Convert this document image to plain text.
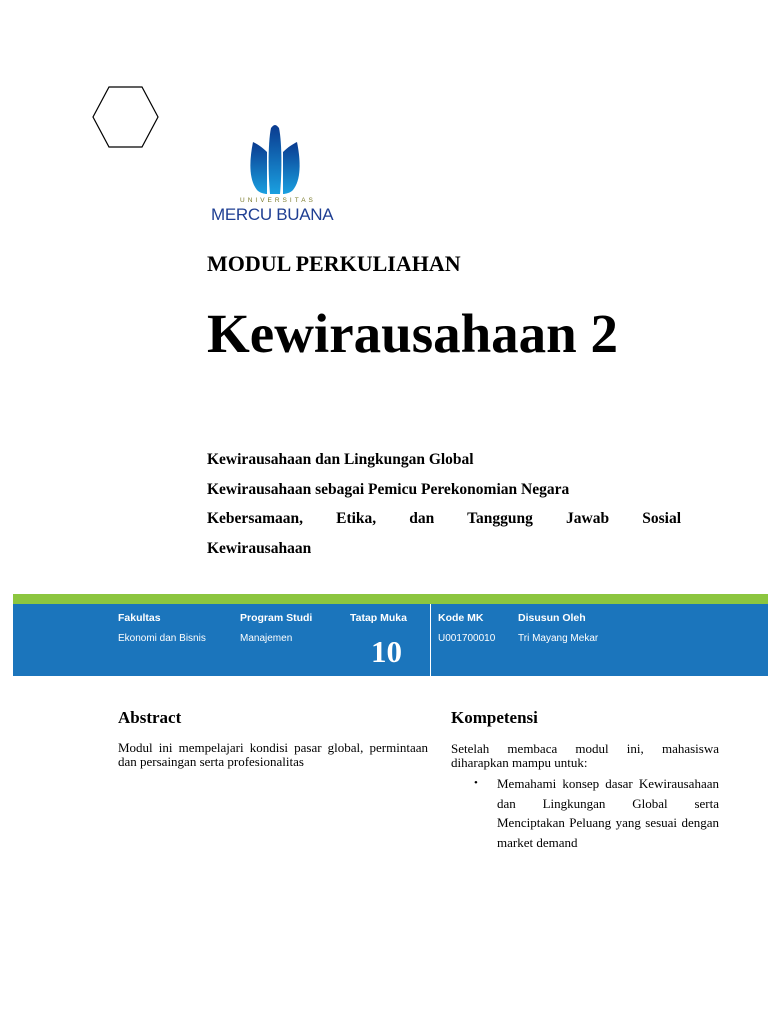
UNIVERSITAS
MERCU BUANA
MODUL PERKULIAHAN
Kewirausahaan 2
Kewirausahaan dan Lingkungan Global
Kewirausahaan sebagai Pemicu Perekonomian Negara
Kebersamaan, Etika, dan Tanggung Jawab Sosial
Kewirausahaan
Fakultas
Ekonomi dan Bisnis
Program Studi
Manajemen
Tatap Muka
10
Kode MK
U001700010
Disusun Oleh
Tri Mayang Mekar
Abstract
Modul ini mempelajari kondisi pasar global, permintaan dan persaingan serta profesionalitas
Kompetensi
Setelah membaca modul ini, mahasiswa diharapkan mampu untuk:
• Memahami konsep dasar Kewirausahaan dan Lingkungan Global serta Menciptakan Peluang yang sesuai dengan market demand
